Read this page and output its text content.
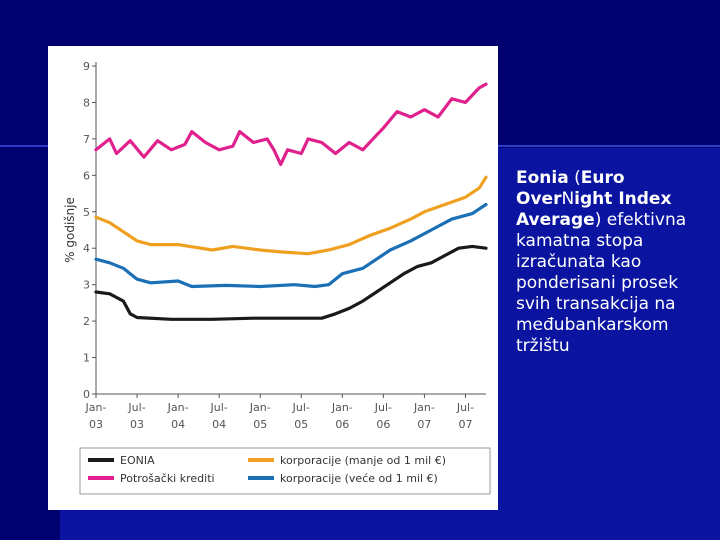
0
1
2
3
4
5
6
7
8
9
% godišnje
Jan-
03
Jul-
03
Jan-
04
Jul-
04
Jan-
05
Jul-
05
Jan-
06
Jul-
06
Jan-
07
Jul-
07
EONIA
Potrošački krediti
korporacije (manje od 1 mil €)
korporacije (veće od 1 mil €)
Eonia (Euro OverNight Index Average) efektivna kamatna stopa izračunata kao ponderisani prosek svih transakcija na međubankarskom tržištu
